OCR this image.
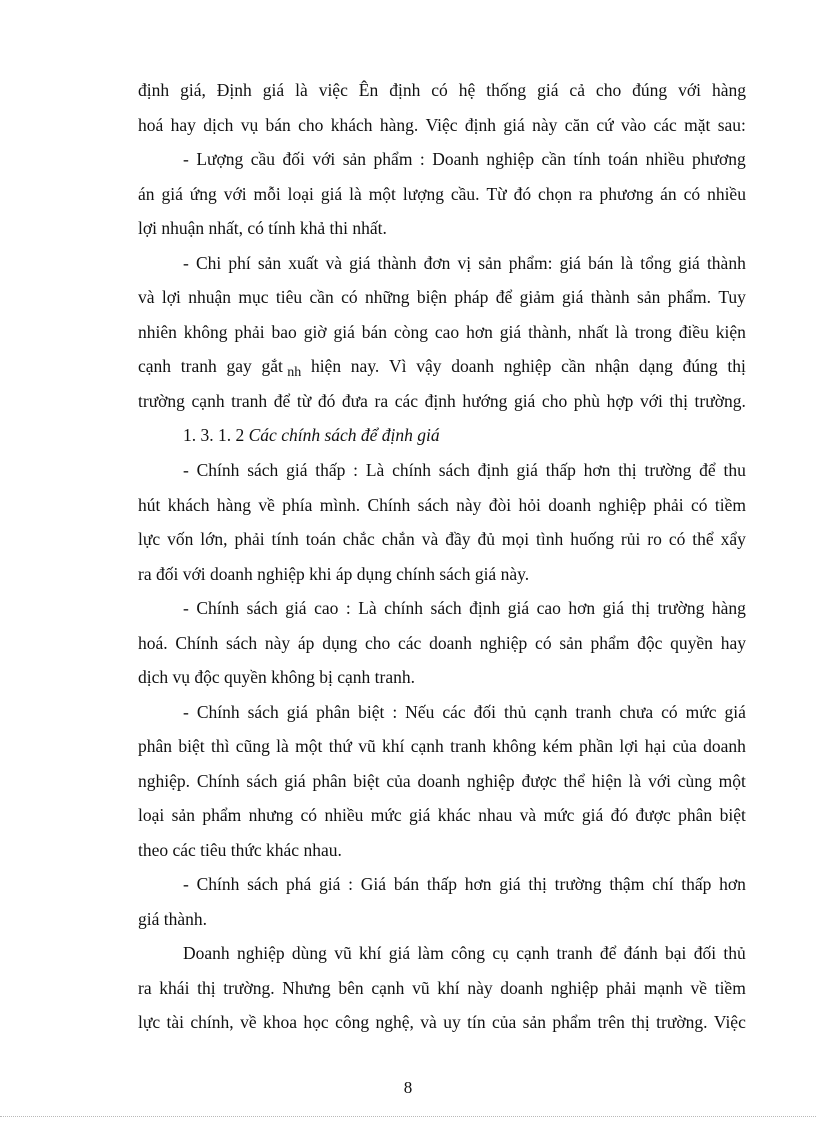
định giá, Định giá là việc Ên định có hệ thống giá cả cho đúng với hàng
hoá hay dịch vụ bán cho khách hàng. Việc định giá này căn cứ vào các mặt sau:
- Lượng cầu đối với sản phẩm : Doanh nghiệp cần tính toán nhiều phương
án giá ứng với mỗi loại giá là một lượng cầu. Từ đó chọn ra phương án có nhiều
lợi nhuận nhất, có tính khả thi nhất.
- Chi phí sản xuất và giá thành đơn vị sản phẩm: giá bán là tổng giá thành
và lợi nhuận mục tiêu cần có những biện pháp để giảm giá thành sản phẩm. Tuy
nhiên không phải bao giờ giá bán còng cao hơn giá thành, nhất là trong điều kiện
cạnh tranh gay gắt $_{nh}$ hiện nay. Vì vậy doanh nghiệp cần nhận dạng đúng thị
trường cạnh tranh để từ đó đưa ra các định hướng giá cho phù hợp với thị trường.
1. 3. 1. 2 Các chính sách để định giá
- Chính sách giá thấp : Là chính sách định giá thấp hơn thị trường để thu
hút khách hàng về phía mình. Chính sách này đòi hỏi doanh nghiệp phải có tiềm
lực vốn lớn, phải tính toán chắc chắn và đầy đủ mọi tình huống rủi ro có thể xẩy
ra đối với doanh nghiệp khi áp dụng chính sách giá này.
- Chính sách giá cao : Là chính sách định giá cao hơn giá thị trường hàng
hoá. Chính sách này áp dụng cho các doanh nghiệp có sản phẩm độc quyền hay
dịch vụ độc quyền không bị cạnh tranh.
- Chính sách giá phân biệt : Nếu các đối thủ cạnh tranh chưa có mức giá
phân biệt thì cũng là một thứ vũ khí cạnh tranh không kém phần lợi hại của doanh
nghiệp. Chính sách giá phân biệt của doanh nghiệp được thể hiện là với cùng một
loại sản phẩm nhưng có nhiều mức giá khác nhau và mức giá đó được phân biệt
theo các tiêu thức khác nhau.
- Chính sách phá giá : Giá bán thấp hơn giá thị trường thậm chí thấp hơn
giá thành.
Doanh nghiệp dùng vũ khí giá làm công cụ cạnh tranh để đánh bại đối thủ
ra khái thị trường. Nhưng bên cạnh vũ khí này doanh nghiệp phải mạnh về tiềm
lực tài chính, về khoa học công nghệ, và uy tín của sản phẩm trên thị trường. Việc
8
